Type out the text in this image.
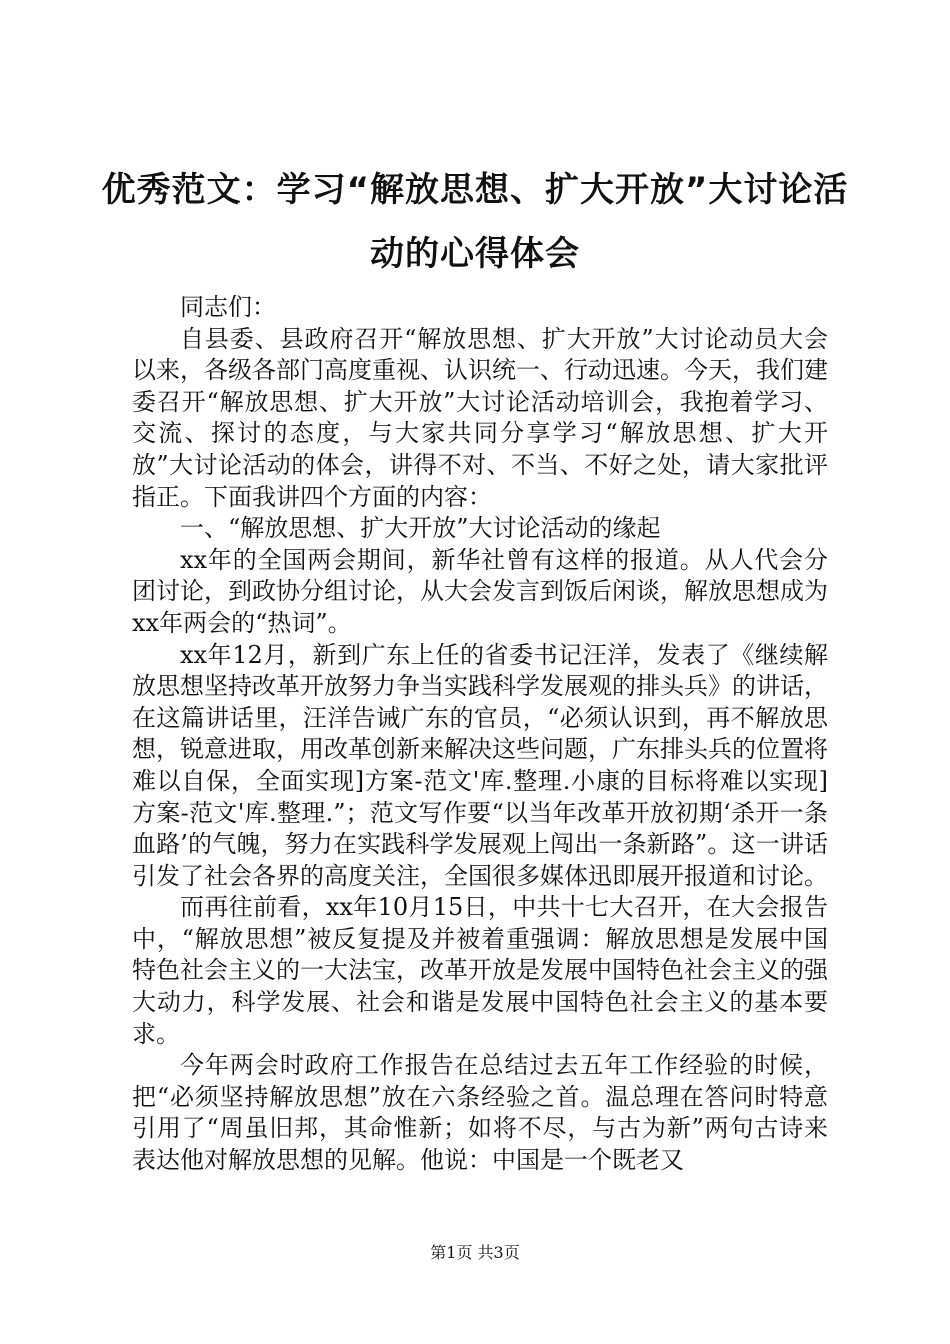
优秀范文：学习“解放思想、扩大开放”大讨论活动的心得体会

同志们：

自县委、县政府召开“解放思想、扩大开放”大讨论动员大会以来，各级各部门高度重视、认识统一、行动迅速。今天，我们建委召开“解放思想、扩大开放”大讨论活动培训会，我抱着学习、交流、探讨的态度，与大家共同分享学习“解放思想、扩大开放”大讨论活动的体会，讲得不对、不当、不好之处，请大家批评指正。下面我讲四个方面的内容：

一、“解放思想、扩大开放”大讨论活动的缘起

xx年的全国两会期间，新华社曾有这样的报道。从人代会分团讨论，到政协分组讨论，从大会发言到饭后闲谈，解放思想成为xx年两会的“热词”。

xx年12月，新到广东上任的省委书记汪洋，发表了《继续解放思想坚持改革开放努力争当实践科学发展观的排头兵》的讲话，在这篇讲话里，汪洋告诫广东的官员，“必须认识到，再不解放思想，锐意进取，用改革创新来解决这些问题，广东排头兵的位置将难以自保，全面实现]方案-范文'库.整理.小康的目标将难以实现]方案-范文'库.整理.”；范文写作要“以当年改革开放初期‘杀开一条血路’的气魄，努力在实践科学发展观上闯出一条新路”。这一讲话引发了社会各界的高度关注，全国很多媒体迅即展开报道和讨论。

而再往前看，xx年10月15日，中共十七大召开，在大会报告中，“解放思想”被反复提及并被着重强调：解放思想是发展中国特色社会主义的一大法宝，改革开放是发展中国特色社会主义的强大动力，科学发展、社会和谐是发展中国特色社会主义的基本要求。

今年两会时政府工作报告在总结过去五年工作经验的时候，把“必须坚持解放思想”放在六条经验之首。温总理在答问时特意引用了“周虽旧邦，其命惟新；如将不尽，与古为新”两句古诗来表达他对解放思想的见解。他说：中国是一个既老又

第1页 共3页
